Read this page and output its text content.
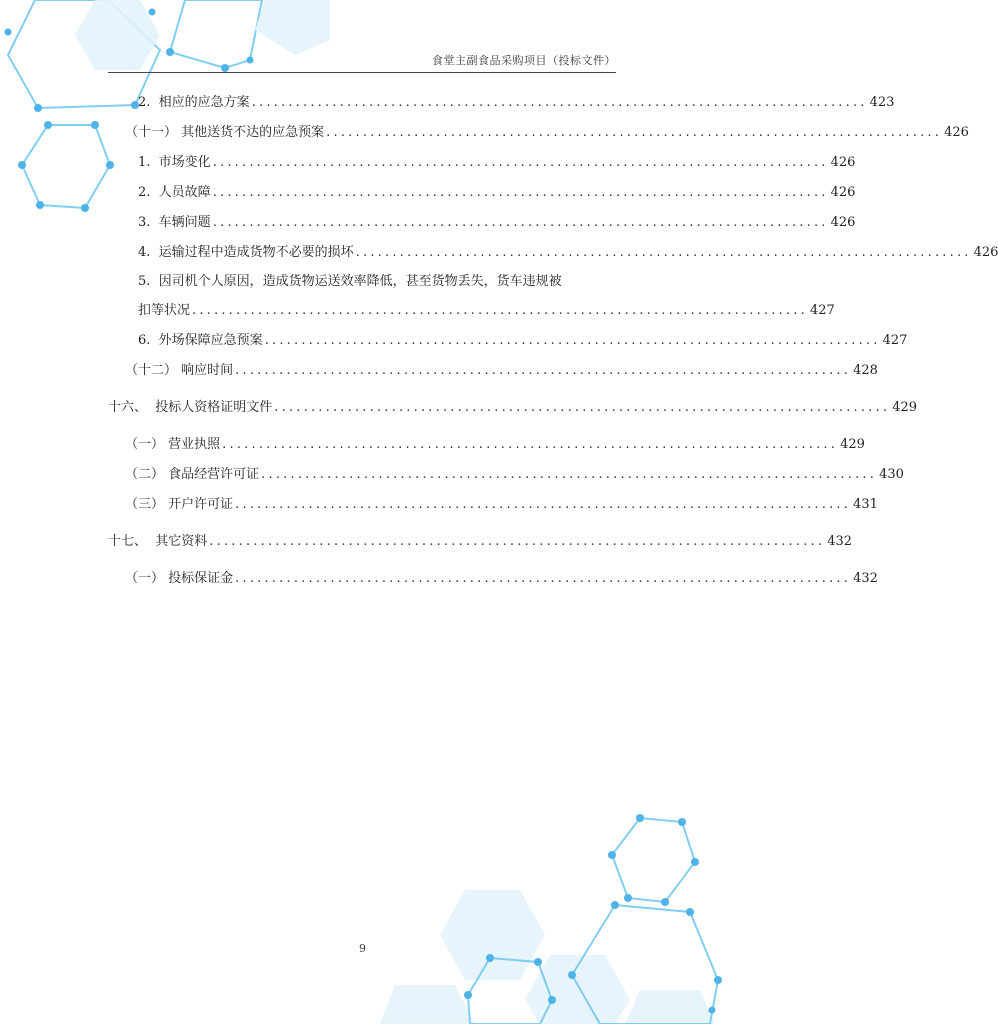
食堂主副食品采购项目（投标文件）
2.
相应的应急方案 .................................................................................... 423
（十一）
其他送货不达的应急预案 .................................................................................... 426
1.
市场变化 .................................................................................... 426
2.
人员故障 .................................................................................... 426
3.
车辆问题 .................................................................................... 426
4.
运输过程中造成货物不必要的损坏 .................................................................................... 426
5.
因司机个人原因，造成货物运送效率降低，甚至货物丢失，货车违规被
扣等状况 .................................................................................... 427
6.
外场保障应急预案 .................................................................................... 427
（十二）
响应时间 .................................................................................... 428
十六、
投标人资格证明文件 .................................................................................... 429
（一）
营业执照 .................................................................................... 429
（二）
食品经营许可证 .................................................................................... 430
（三）
开户许可证 .................................................................................... 431
十七、
其它资料 .................................................................................... 432
（一）
投标保证金 .................................................................................... 432
9
